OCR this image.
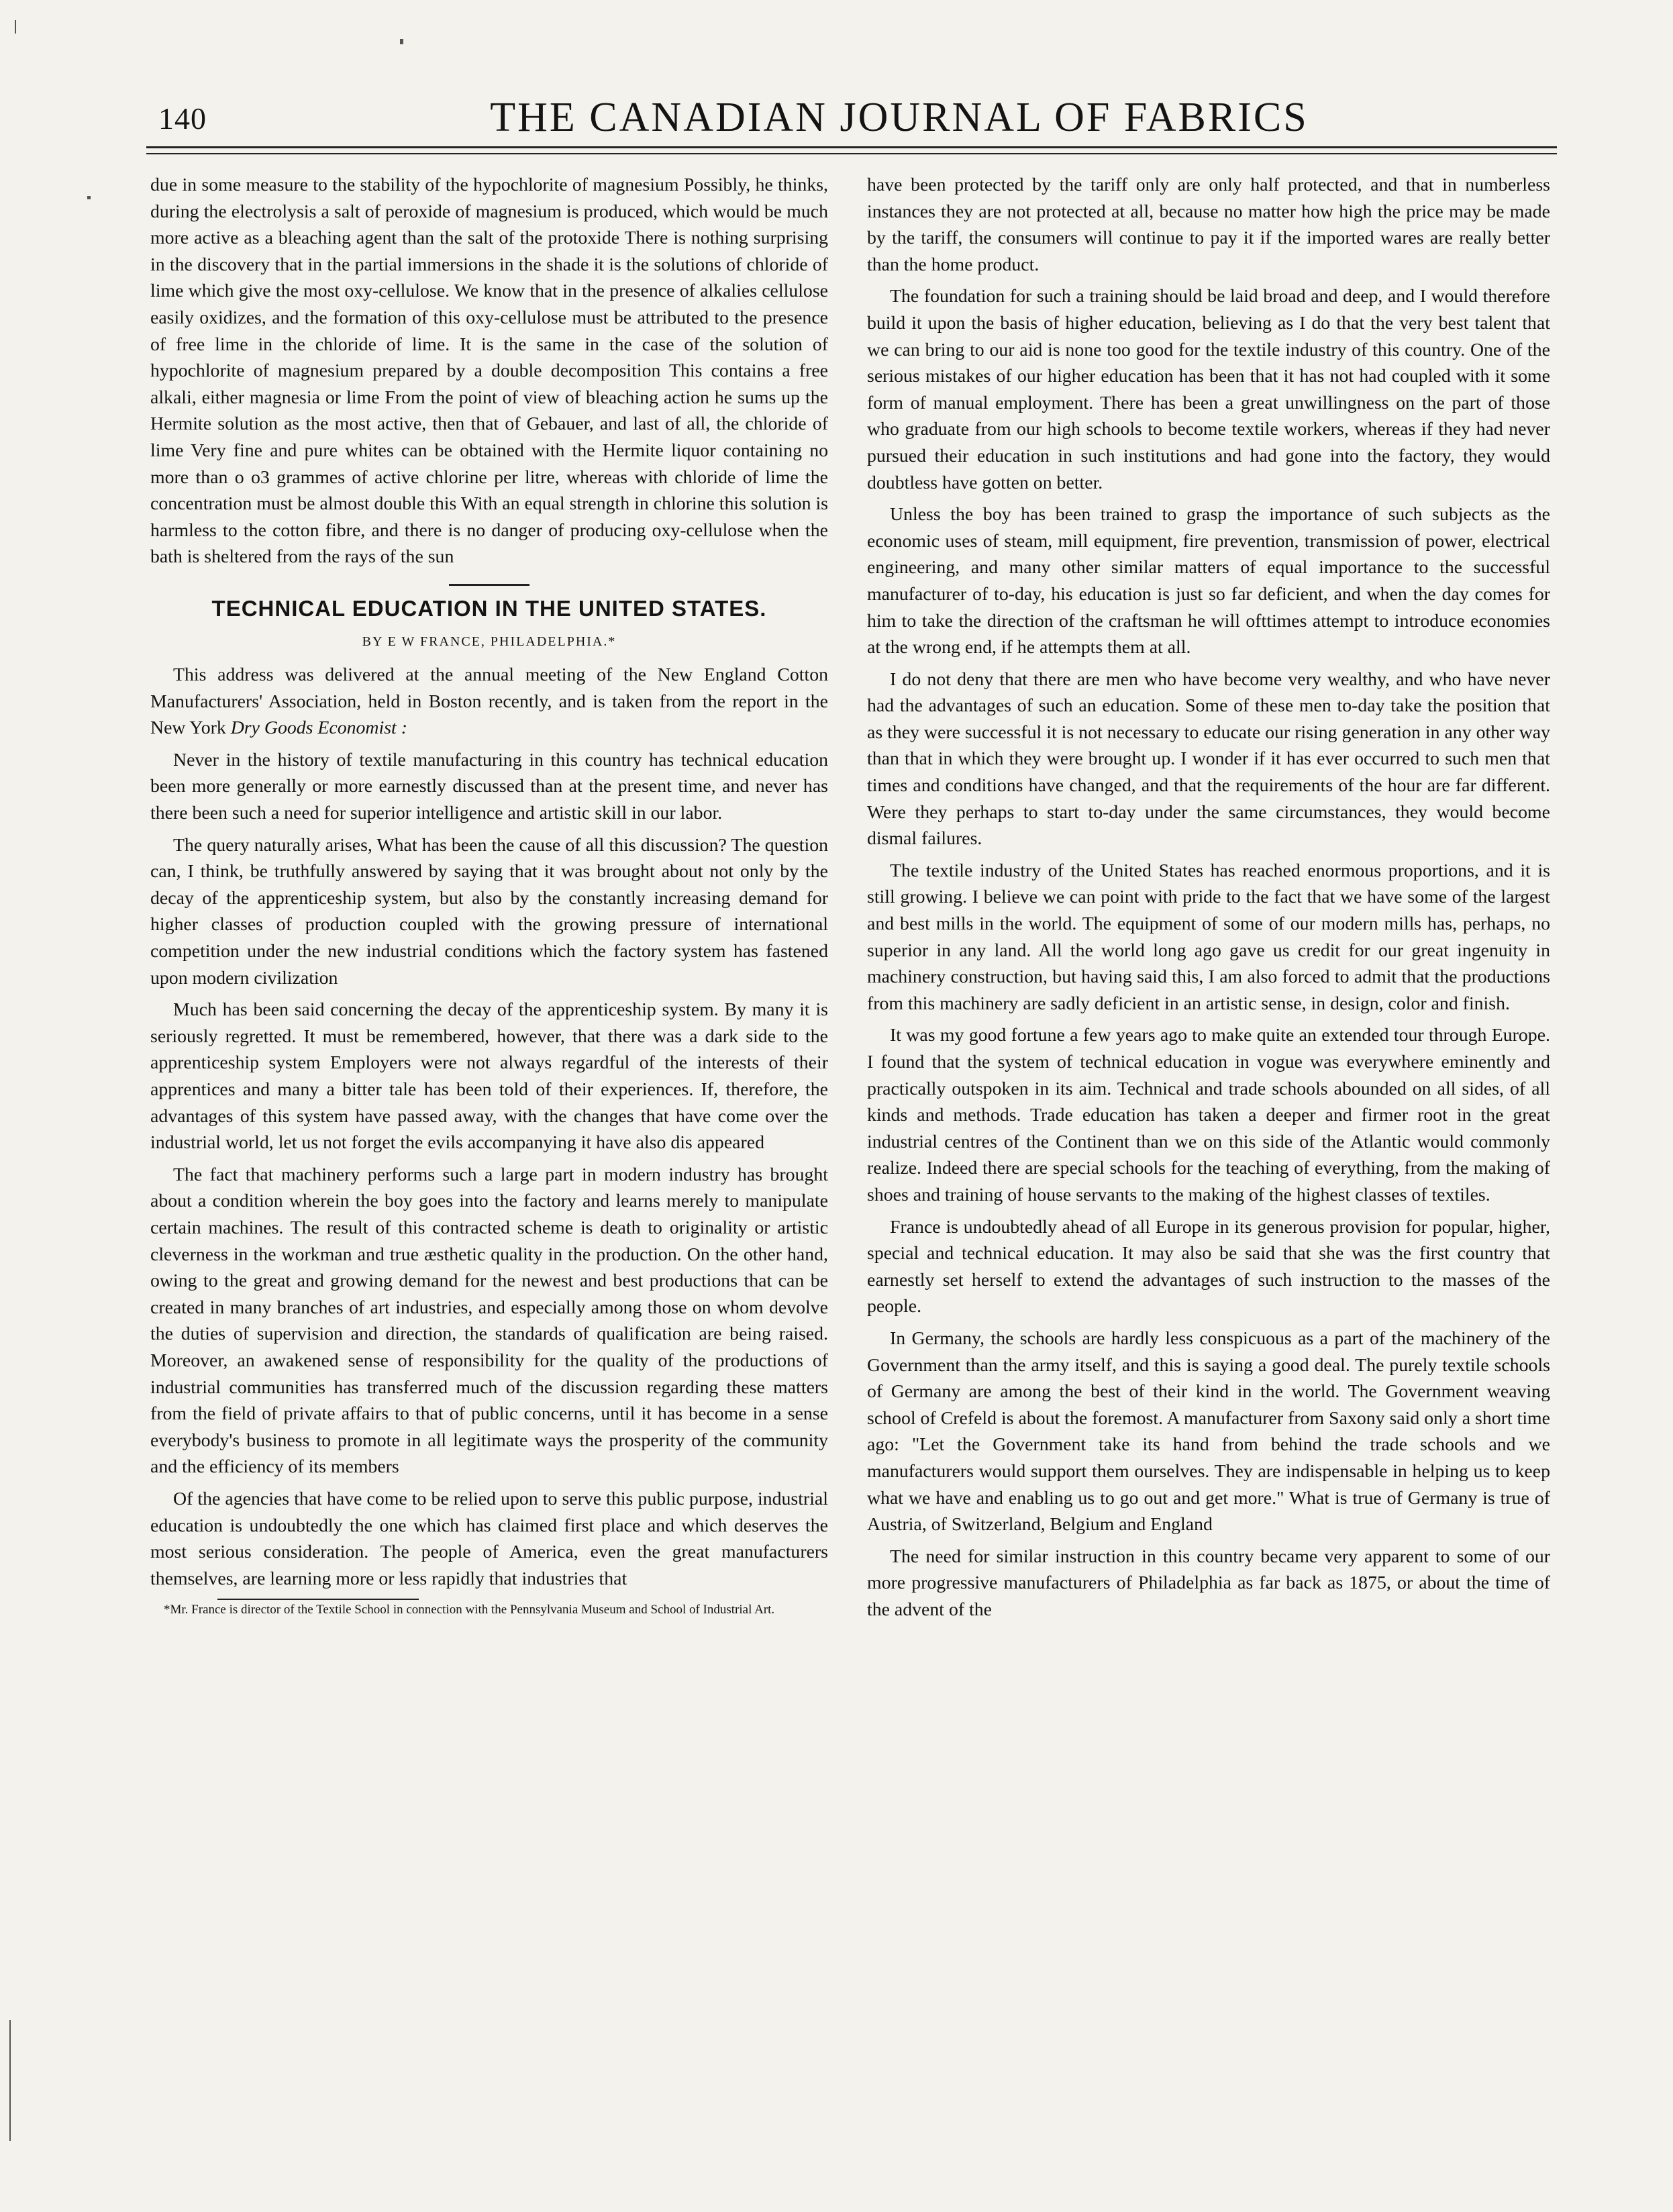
140	THE CANADIAN JOURNAL OF FABRICS

due in some measure to the stability of the hypochlorite of magnesium Possibly, he thinks, during the electrolysis a salt of peroxide of magnesium is produced, which would be much more active as a bleaching agent than the salt of the protoxide There is nothing surprising in the discovery that in the partial immersions in the shade it is the solutions of chloride of lime which give the most oxy-cellulose. We know that in the presence of alkalies cellulose easily oxidizes, and the formation of this oxy-cellulose must be attributed to the presence of free lime in the chloride of lime. It is the same in the case of the solution of hypochlorite of magnesium prepared by a double decomposition This contains a free alkali, either magnesia or lime From the point of view of bleaching action he sums up the Hermite solution as the most active, then that of Gebauer, and last of all, the chloride of lime Very fine and pure whites can be obtained with the Hermite liquor containing no more than o o3 grammes of active chlorine per litre, whereas with chloride of lime the concentration must be almost double this With an equal strength in chlorine this solution is harmless to the cotton fibre, and there is no danger of producing oxy-cellulose when the bath is sheltered from the rays of the sun

TECHNICAL EDUCATION IN THE UNITED STATES.
BY E W FRANCE, PHILADELPHIA.*

This address was delivered at the annual meeting of the New England Cotton Manufacturers' Association, held in Boston recently, and is taken from the report in the New York Dry Goods Economist :

Never in the history of textile manufacturing in this country has technical education been more generally or more earnestly discussed than at the present time, and never has there been such a need for superior intelligence and artistic skill in our labor.

The query naturally arises, What has been the cause of all this discussion? The question can, I think, be truthfully answered by saying that it was brought about not only by the decay of the apprenticeship system, but also by the constantly increasing demand for higher classes of production coupled with the growing pressure of international competition under the new industrial conditions which the factory system has fastened upon modern civilization

Much has been said concerning the decay of the apprenticeship system. By many it is seriously regretted. It must be remembered, however, that there was a dark side to the apprenticeship system Employers were not always regardful of the interests of their apprentices and many a bitter tale has been told of their experiences. If, therefore, the advantages of this system have passed away, with the changes that have come over the industrial world, let us not forget the evils accompanying it have also dis appeared

The fact that machinery performs such a large part in modern industry has brought about a condition wherein the boy goes into the factory and learns merely to manipulate certain machines. The result of this contracted scheme is death to originality or artistic cleverness in the workman and true æsthetic quality in the production. On the other hand, owing to the great and growing demand for the newest and best productions that can be created in many branches of art industries, and especially among those on whom devolve the duties of supervision and direction, the standards of qualification are being raised. Moreover, an awakened sense of responsibility for the quality of the productions of industrial communities has transferred much of the discussion regarding these matters from the field of private affairs to that of public concerns, until it has become in a sense everybody's business to promote in all legitimate ways the prosperity of the community and the efficiency of its members

Of the agencies that have come to be relied upon to serve this public purpose, industrial education is undoubtedly the one which has claimed first place and which deserves the most serious consideration. The people of America, even the great manufacturers themselves, are learning more or less rapidly that industries that

*Mr. France is director of the Textile School in connection with the Pennsylvania Museum and School of Industrial Art.

have been protected by the tariff only are only half protected, and that in numberless instances they are not protected at all, because no matter how high the price may be made by the tariff, the consumers will continue to pay it if the imported wares are really better than the home product.

The foundation for such a training should be laid broad and deep, and I would therefore build it upon the basis of higher education, believing as I do that the very best talent that we can bring to our aid is none too good for the textile industry of this country. One of the serious mistakes of our higher education has been that it has not had coupled with it some form of manual employment. There has been a great unwillingness on the part of those who graduate from our high schools to become textile workers, whereas if they had never pursued their education in such institutions and had gone into the factory, they would doubtless have gotten on better.

Unless the boy has been trained to grasp the importance of such subjects as the economic uses of steam, mill equipment, fire prevention, transmission of power, electrical engineering, and many other similar matters of equal importance to the successful manufacturer of to-day, his education is just so far deficient, and when the day comes for him to take the direction of the craftsman he will ofttimes attempt to introduce economies at the wrong end, if he attempts them at all.

I do not deny that there are men who have become very wealthy, and who have never had the advantages of such an education. Some of these men to-day take the position that as they were successful it is not necessary to educate our rising generation in any other way than that in which they were brought up. I wonder if it has ever occurred to such men that times and conditions have changed, and that the requirements of the hour are far different. Were they perhaps to start to-day under the same circumstances, they would become dismal failures.

The textile industry of the United States has reached enormous proportions, and it is still growing. I believe we can point with pride to the fact that we have some of the largest and best mills in the world. The equipment of some of our modern mills has, perhaps, no superior in any land. All the world long ago gave us credit for our great ingenuity in machinery construction, but having said this, I am also forced to admit that the productions from this machinery are sadly deficient in an artistic sense, in design, color and finish.

It was my good fortune a few years ago to make quite an extended tour through Europe. I found that the system of technical education in vogue was everywhere eminently and practically outspoken in its aim. Technical and trade schools abounded on all sides, of all kinds and methods. Trade education has taken a deeper and firmer root in the great industrial centres of the Continent than we on this side of the Atlantic would commonly realize. Indeed there are special schools for the teaching of everything, from the making of shoes and training of house servants to the making of the highest classes of textiles.

France is undoubtedly ahead of all Europe in its generous provision for popular, higher, special and technical education. It may also be said that she was the first country that earnestly set herself to extend the advantages of such instruction to the masses of the people.

In Germany, the schools are hardly less conspicuous as a part of the machinery of the Government than the army itself, and this is saying a good deal. The purely textile schools of Germany are among the best of their kind in the world. The Government weaving school of Crefeld is about the foremost. A manufacturer from Saxony said only a short time ago: "Let the Government take its hand from behind the trade schools and we manufacturers would support them ourselves. They are indispensable in helping us to keep what we have and enabling us to go out and get more." What is true of Germany is true of Austria, of Switzerland, Belgium and England

The need for similar instruction in this country became very apparent to some of our more progressive manufacturers of Philadelphia as far back as 1875, or about the time of the advent of the
